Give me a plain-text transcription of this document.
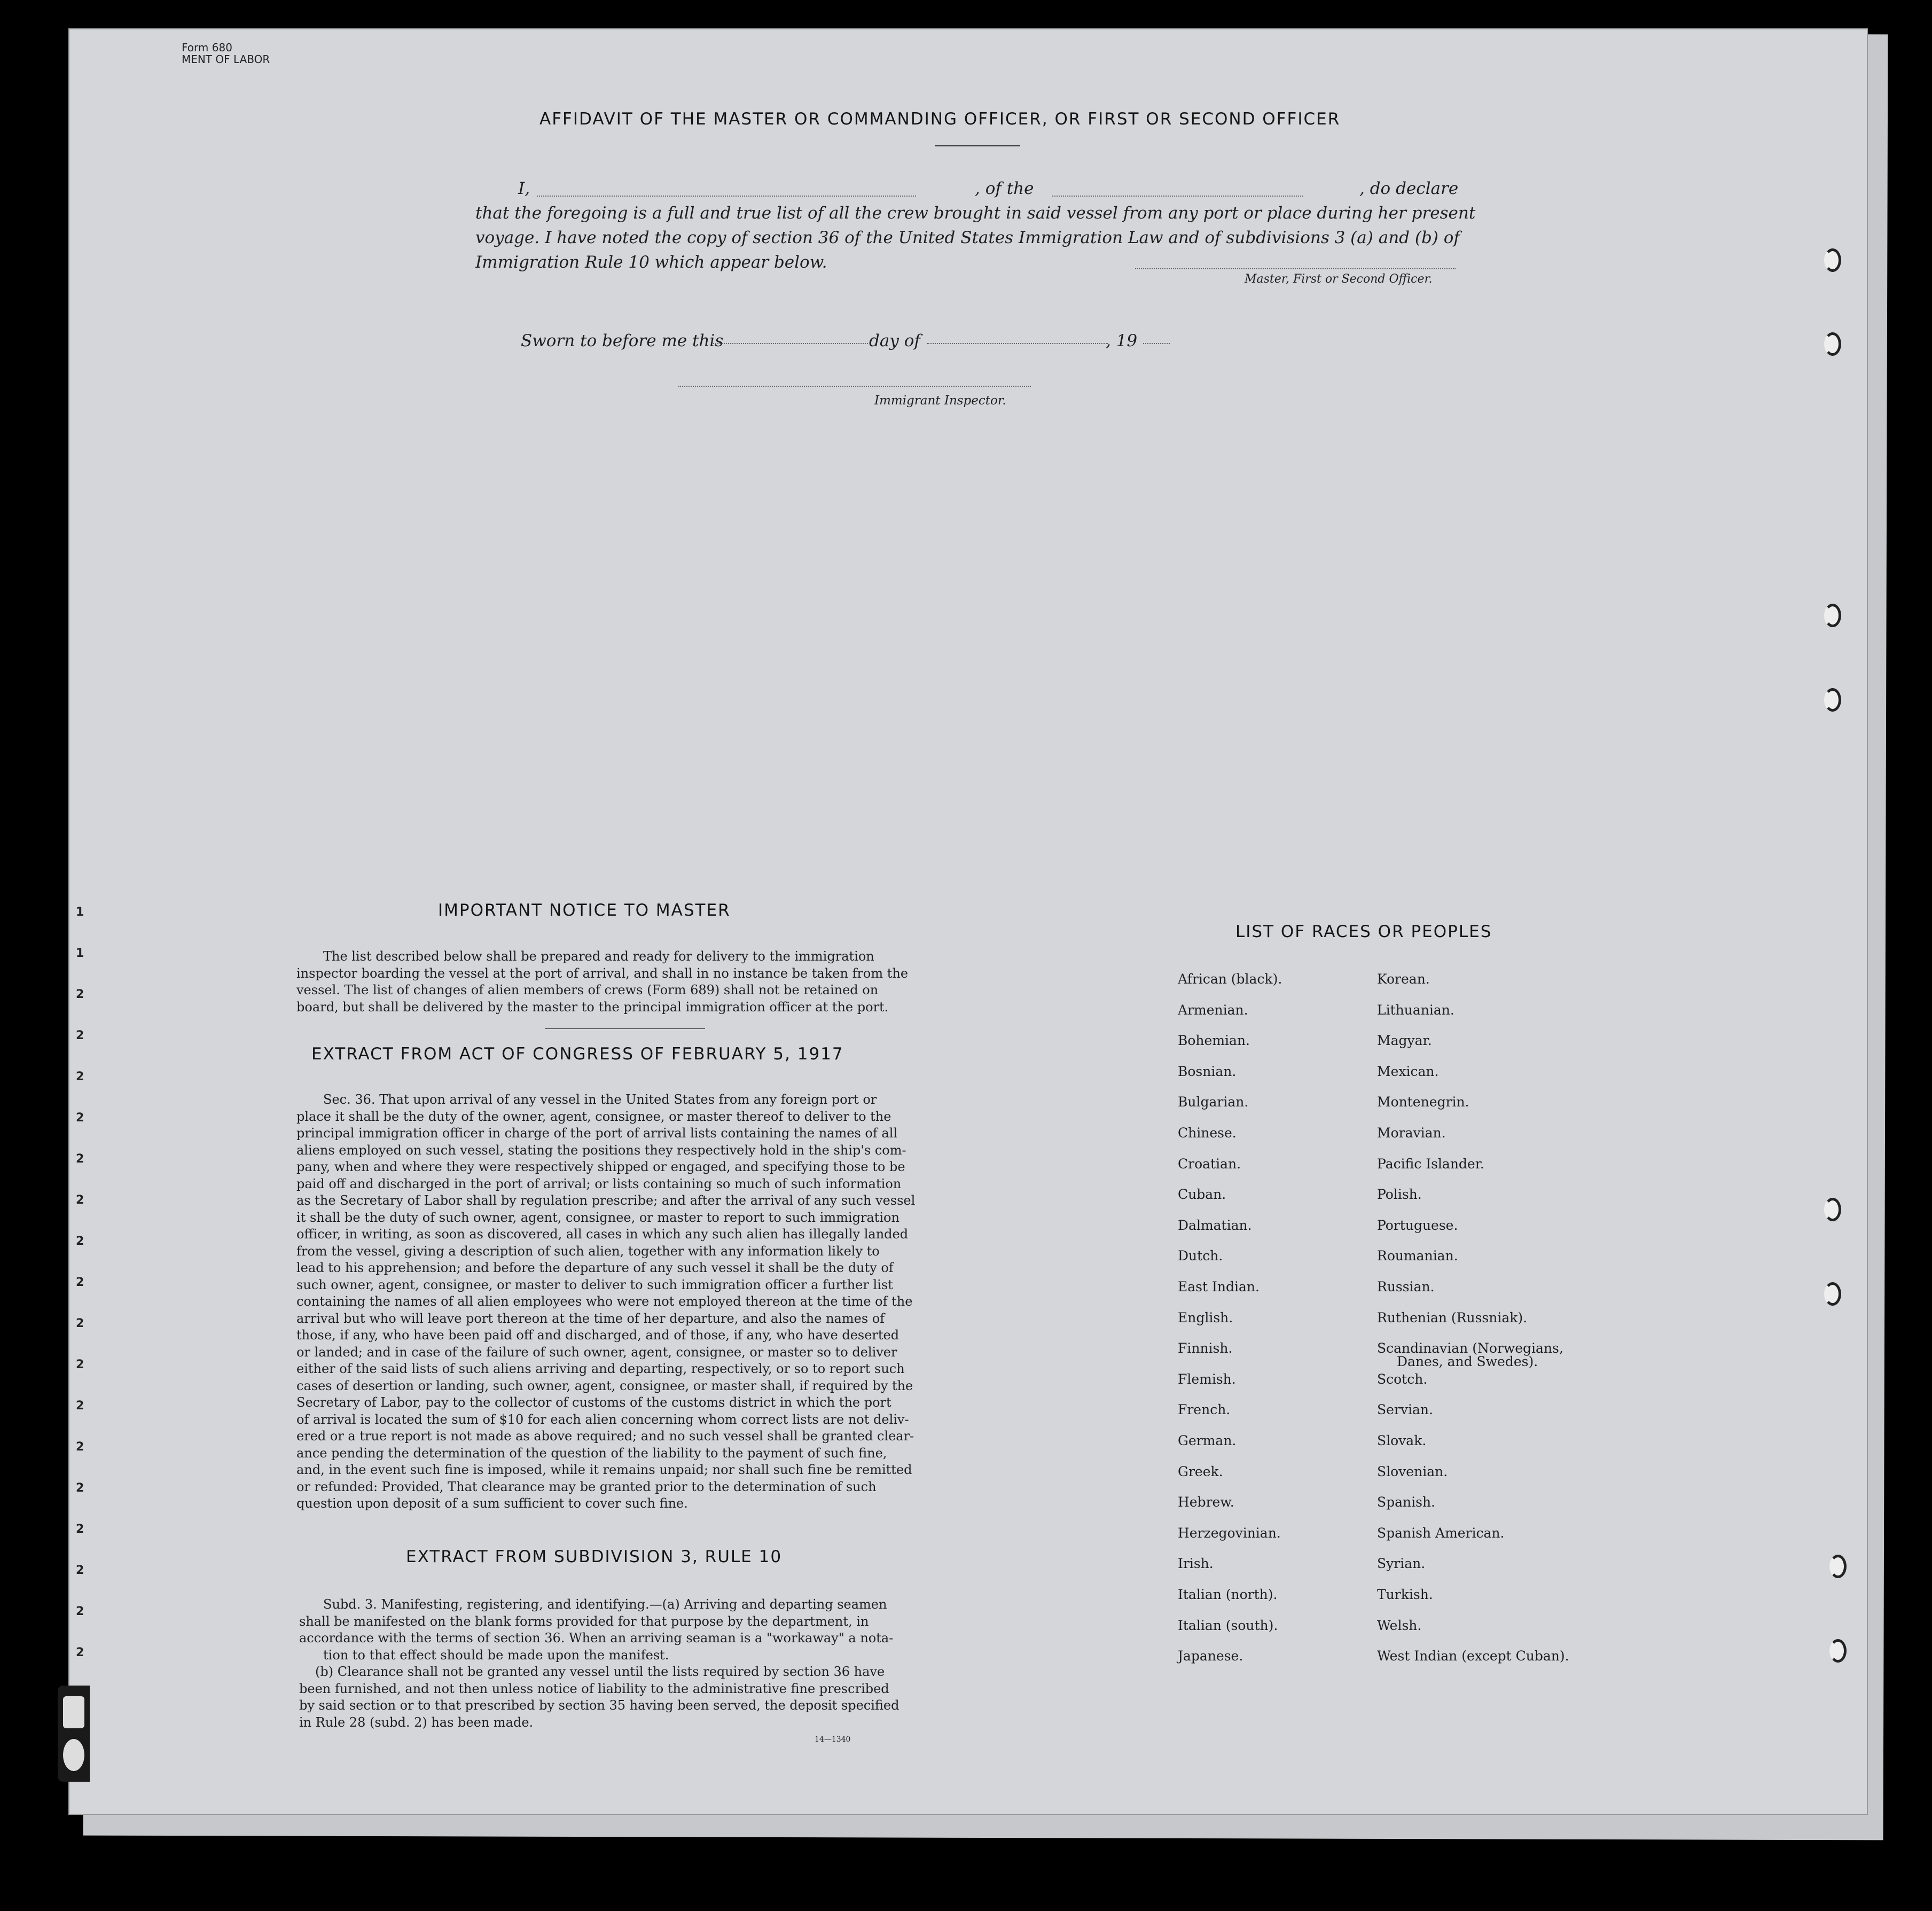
Form 680
MENT OF LABOR
AFFIDAVIT OF THE MASTER OR COMMANDING OFFICER, OR FIRST OR SECOND OFFICER
I,	, of the	, do declare
that the foregoing is a full and true list of all the crew brought in said vessel from any port or place during her present
voyage. I have noted the copy of section 36 of the United States Immigration Law and of subdivisions 3 (a) and (b) of
Immigration Rule 10 which appear below.
Master, First or Second Officer.
Sworn to before me this	day of	, 19
Immigrant Inspector.
IMPORTANT NOTICE TO MASTER
The list described below shall be prepared and ready for delivery to the immigration
inspector boarding the vessel at the port of arrival, and shall in no instance be taken from the
vessel. The list of changes of alien members of crews (Form 689) shall not be retained on
board, but shall be delivered by the master to the principal immigration officer at the port.
EXTRACT FROM ACT OF CONGRESS OF FEBRUARY 5, 1917
Sec. 36. That upon arrival of any vessel in the United States from any foreign port or
place it shall be the duty of the owner, agent, consignee, or master thereof to deliver to the
principal immigration officer in charge of the port of arrival lists containing the names of all
aliens employed on such vessel, stating the positions they respectively hold in the ship's com-
pany, when and where they were respectively shipped or engaged, and specifying those to be
paid off and discharged in the port of arrival; or lists containing so much of such information
as the Secretary of Labor shall by regulation prescribe; and after the arrival of any such vessel
it shall be the duty of such owner, agent, consignee, or master to report to such immigration
officer, in writing, as soon as discovered, all cases in which any such alien has illegally landed
from the vessel, giving a description of such alien, together with any information likely to
lead to his apprehension; and before the departure of any such vessel it shall be the duty of
such owner, agent, consignee, or master to deliver to such immigration officer a further list
containing the names of all alien employees who were not employed thereon at the time of the
arrival but who will leave port thereon at the time of her departure, and also the names of
those, if any, who have been paid off and discharged, and of those, if any, who have deserted
or landed; and in case of the failure of such owner, agent, consignee, or master so to deliver
either of the said lists of such aliens arriving and departing, respectively, or so to report such
cases of desertion or landing, such owner, agent, consignee, or master shall, if required by the
Secretary of Labor, pay to the collector of customs of the customs district in which the port
of arrival is located the sum of $10 for each alien concerning whom correct lists are not deliv-
ered or a true report is not made as above required; and no such vessel shall be granted clear-
ance pending the determination of the question of the liability to the payment of such fine,
and, in the event such fine is imposed, while it remains unpaid; nor shall such fine be remitted
or refunded: Provided, That clearance may be granted prior to the determination of such
question upon deposit of a sum sufficient to cover such fine.
EXTRACT FROM SUBDIVISION 3, RULE 10
Subd. 3. Manifesting, registering, and identifying.—(a) Arriving and departing seamen
shall be manifested on the blank forms provided for that purpose by the department, in
accordance with the terms of section 36. When an arriving seaman is a "workaway" a nota-
tion to that effect should be made upon the manifest.
(b) Clearance shall not be granted any vessel until the lists required by section 36 have
been furnished, and not then unless notice of liability to the administrative fine prescribed
by said section or to that prescribed by section 35 having been served, the deposit specified
in Rule 28 (subd. 2) has been made.
14—1340
LIST OF RACES OR PEOPLES
African (black).
Armenian.
Bohemian.
Bosnian.
Bulgarian.
Chinese.
Croatian.
Cuban.
Dalmatian.
Dutch.
East Indian.
English.
Finnish.
Flemish.
French.
German.
Greek.
Hebrew.
Herzegovinian.
Irish.
Italian (north).
Italian (south).
Japanese.
Korean.
Lithuanian.
Magyar.
Mexican.
Montenegrin.
Moravian.
Pacific Islander.
Polish.
Portuguese.
Roumanian.
Russian.
Ruthenian (Russniak).
Scandinavian (Norwegians,
Scotch.
Servian.
Slovak.
Slovenian.
Spanish.
Spanish American.
Syrian.
Turkish.
Welsh.
West Indian (except Cuban).
Danes, and Swedes).
1
1
2
2
2
2
2
2
2
2
2
2
2
2
2
2
2
2
2
